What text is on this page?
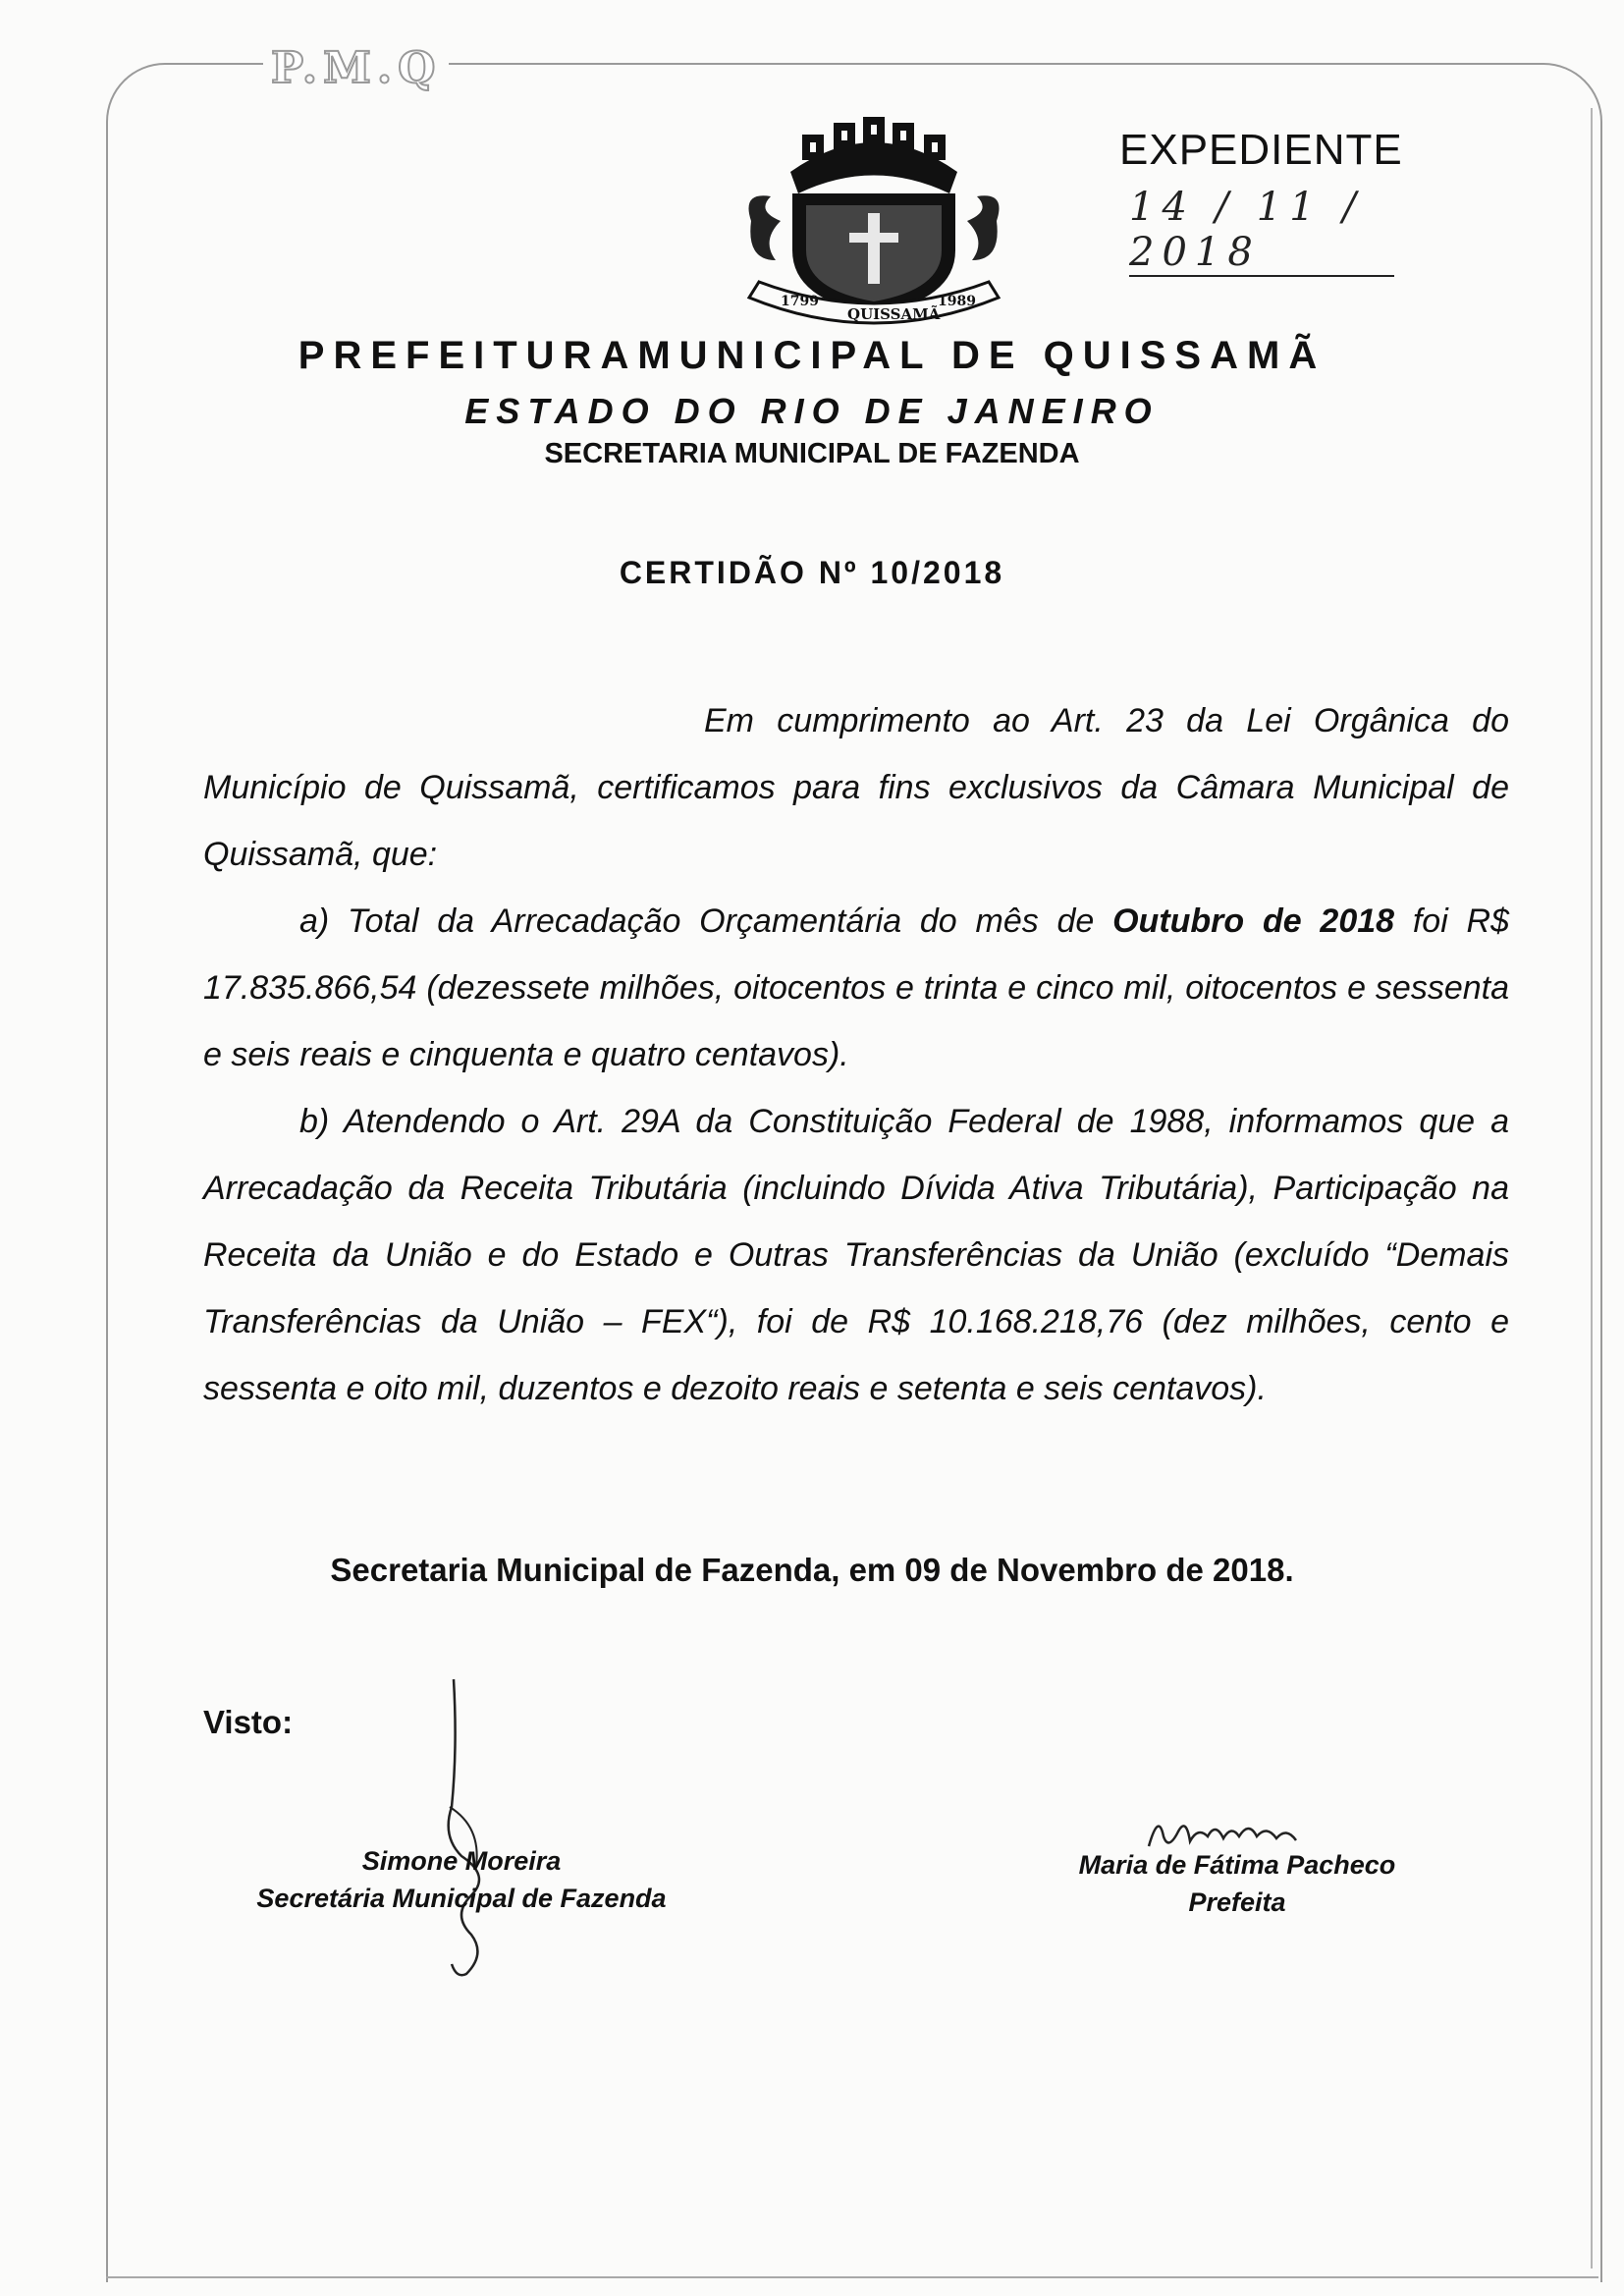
P.M.Q
1799
QUISSAMÃ
1989
EXPEDIENTE
14 / 11 / 2018
PREFEITURAMUNICIPAL DE QUISSAMÃ
ESTADO DO RIO DE JANEIRO
SECRETARIA MUNICIPAL DE FAZENDA
CERTIDÃO Nº 10/2018

Em cumprimento ao Art. 23 da Lei Orgânica do Município de Quissamã, certificamos para fins exclusivos da Câmara Municipal de Quissamã, que:

a) Total da Arrecadação Orçamentária do mês de Outubro de 2018 foi R$ 17.835.866,54 (dezessete milhões, oitocentos e trinta e cinco mil, oitocentos e sessenta e seis reais e cinquenta e quatro centavos).

b) Atendendo o Art. 29A da Constituição Federal de 1988, informamos que a Arrecadação da Receita Tributária (incluindo Dívida Ativa Tributária), Participação na Receita da União e do Estado e Outras Transferências da União (excluído “Demais Transferências da União – FEX“), foi de R$ 10.168.218,76 (dez milhões, cento e sessenta e oito mil, duzentos e dezoito reais e setenta e seis centavos).

Secretaria Municipal de Fazenda, em 09 de Novembro de 2018.
Visto:
Simone Moreira
Secretária Municipal de Fazenda
Maria de Fátima Pacheco
Prefeita
